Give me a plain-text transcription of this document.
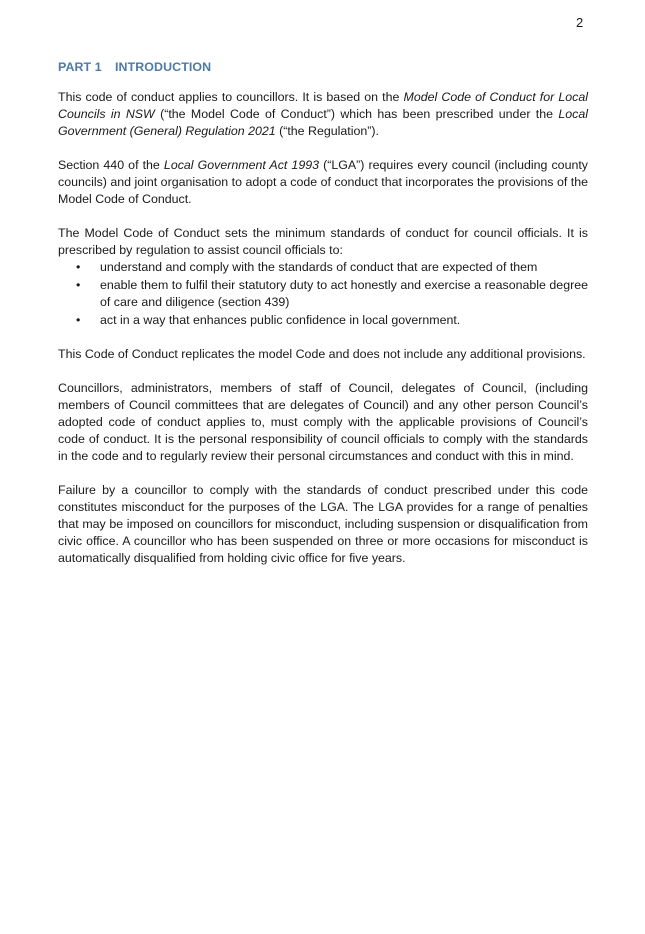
2
PART 1 INTRODUCTION

This code of conduct applies to councillors. It is based on the Model Code of Conduct for Local Councils in NSW (“the Model Code of Conduct”) which has been prescribed under the Local Government (General) Regulation 2021 (“the Regulation”).

Section 440 of the Local Government Act 1993 (“LGA”) requires every council (including county councils) and joint organisation to adopt a code of conduct that incorporates the provisions of the Model Code of Conduct.

The Model Code of Conduct sets the minimum standards of conduct for council officials. It is prescribed by regulation to assist council officials to:

• understand and comply with the standards of conduct that are expected of them
• enable them to fulfil their statutory duty to act honestly and exercise a reasonable degree of care and diligence (section 439)
• act in a way that enhances public confidence in local government.

This Code of Conduct replicates the model Code and does not include any additional provisions.

Councillors, administrators, members of staff of Council, delegates of Council, (including members of Council committees that are delegates of Council) and any other person Council’s adopted code of conduct applies to, must comply with the applicable provisions of Council’s code of conduct. It is the personal responsibility of council officials to comply with the standards in the code and to regularly review their personal circumstances and conduct with this in mind.

Failure by a councillor to comply with the standards of conduct prescribed under this code constitutes misconduct for the purposes of the LGA. The LGA provides for a range of penalties that may be imposed on councillors for misconduct, including suspension or disqualification from civic office. A councillor who has been suspended on three or more occasions for misconduct is automatically disqualified from holding civic office for five years.
